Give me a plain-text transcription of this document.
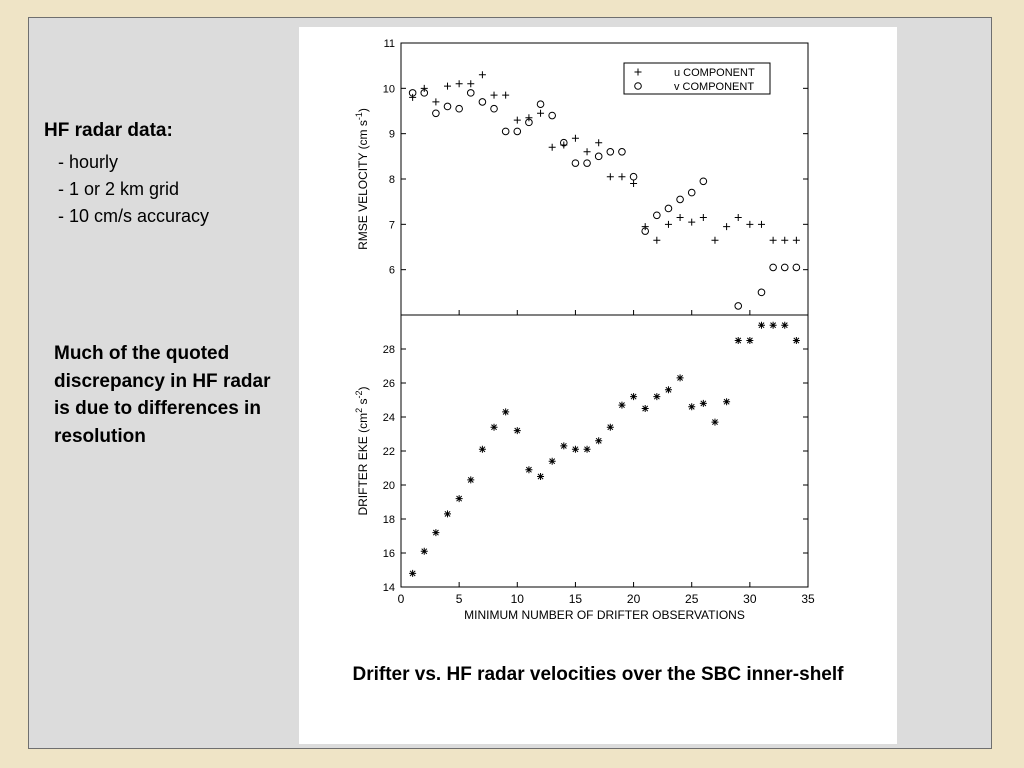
HF radar data:
- hourly
- 1 or 2 km grid
- 10 cm/s accuracy
Much of the quoted discrepancy in HF radar is due to differences in resolution
Drifter vs. HF radar velocities over the SBC inner-shelf
6
7
8
9
10
11
RMSE VELOCITY (cm $s^{-1}$)
u COMPONENT
v COMPONENT
14
16
18
20
22
24
26
28
0	5	10	15	20	25	30	35
DRIFTER EKE ($cm^2$ $s^{-2}$)
MINIMUM NUMBER OF DRIFTER OBSERVATIONS
